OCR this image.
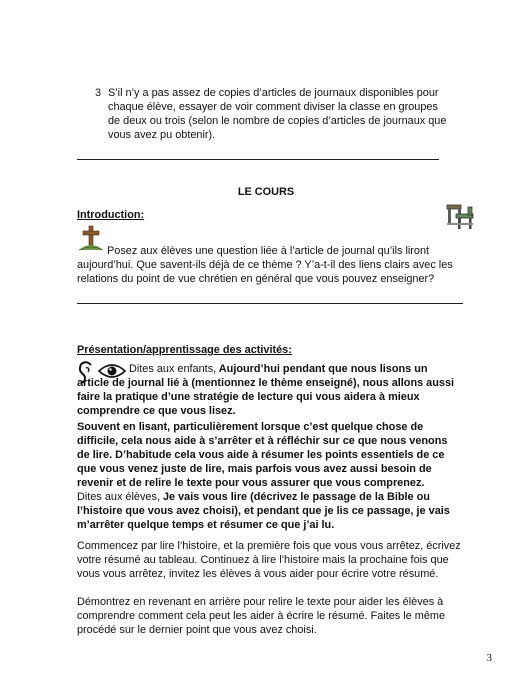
3 S’il n’y a pas assez de copies d’articles de journaux disponibles pour chaque élève, essayer de voir comment diviser la classe en groupes de deux ou trois (selon le nombre de copies d’articles de journaux que vous avez pu obtenir).
LE COURS
Introduction:
Posez aux élèves une question liée à l’article de journal qu’ils liront
aujourd’hui. Que savent-ils déjà de ce thème ? Y’a-t-il des liens clairs avec les relations du point de vue chrétien en général que vous pouvez enseigner?
Présentation/apprentissage des activités:
Dites aux enfants, Aujourd’hui pendant que nous lisons un article de journal lié à (mentionnez le thème enseigné), nous allons aussi faire la pratique d’une stratégie de lecture qui vous aidera à mieux comprendre ce que vous lisez.
Souvent en lisant, particulièrement lorsque c’est quelque chose de difficile, cela nous aide à s’arrêter et à réfléchir sur ce que nous venons de lire. D’habitude cela vous aide à résumer les points essentiels de ce que vous venez juste de lire, mais parfois vous avez aussi besoin de revenir et de relire le texte pour vous assurer que vous comprenez.
Dites aux élèves, Je vais vous lire (décrivez le passage de la Bible ou l’histoire que vous avez choisi), et pendant que je lis ce passage, je vais m’arrêter quelque temps et résumer ce que j’ai lu.
Commencez par lire l’histoire, et la première fois que vous vous arrêtez, écrivez votre résumé au tableau. Continuez à lire l’histoire mais la prochaine fois que vous vous arrêtez, invitez les élèves à vous aider pour écrire votre résumé.
Démontrez en revenant en arrière pour relire le texte pour aider les élèves à comprendre comment cela peut les aider à écrire le résumé. Faites le même procédé sur le dernier point que vous avez choisi.
3
